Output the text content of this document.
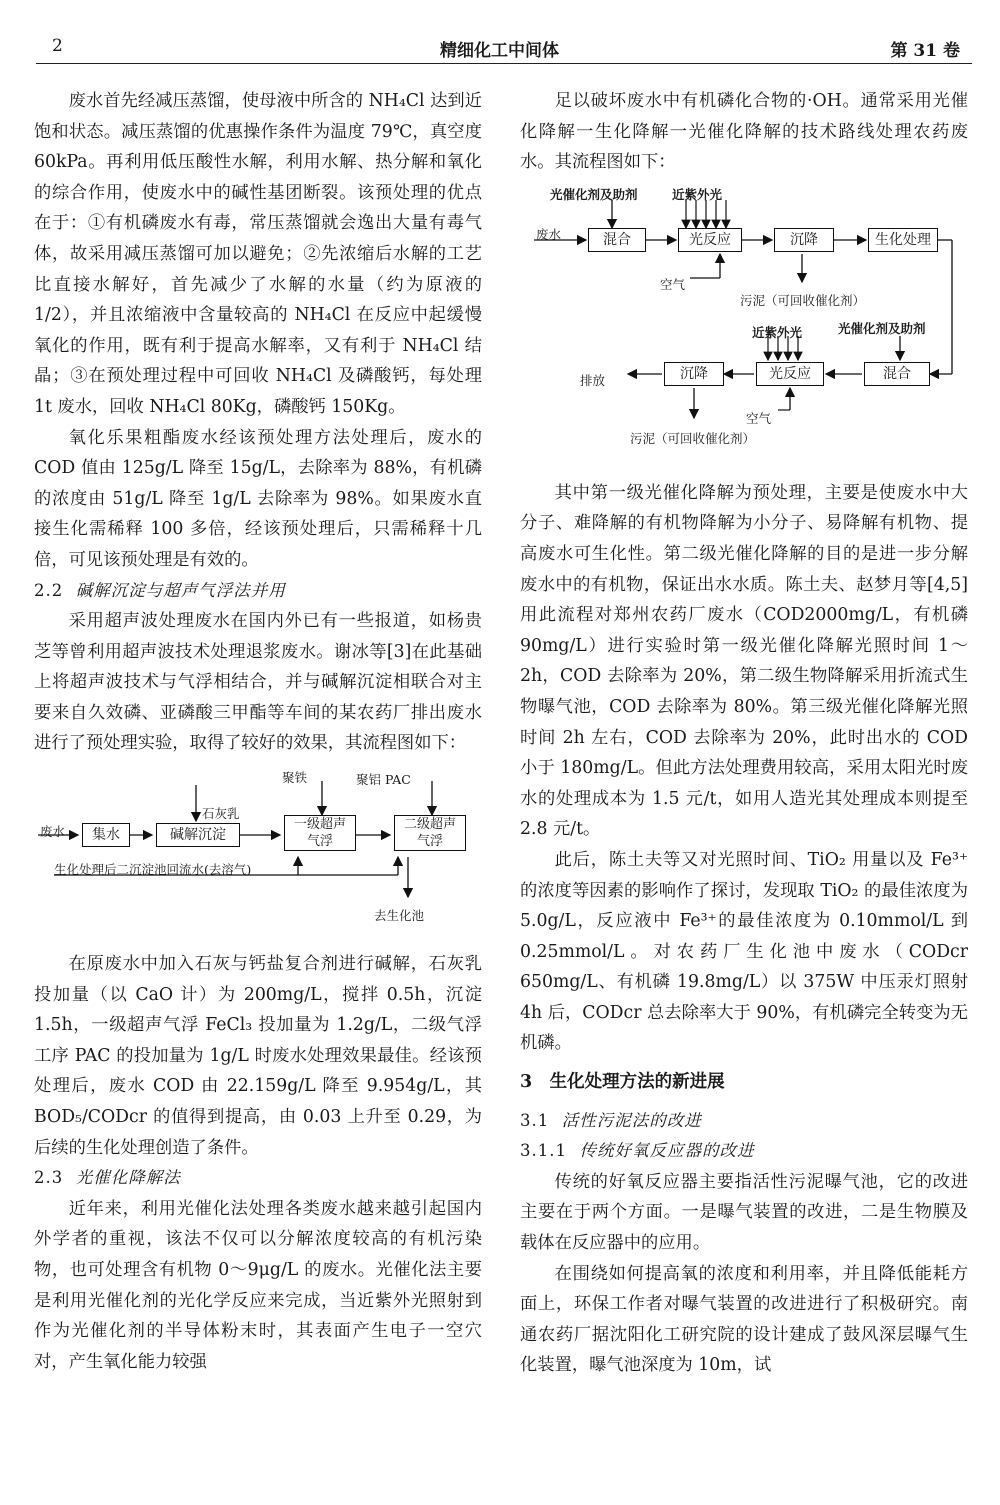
2	精细化工中间体	第 31 卷

废水首先经减压蒸馏，使母液中所含的 NH₄Cl 达到近饱和状态。减压蒸馏的优惠操作条件为温度 79℃，真空度 60kPa。再利用低压酸性水解，利用水解、热分解和氧化的综合作用，使废水中的碱性基团断裂。该预处理的优点在于：①有机磷废水有毒，常压蒸馏就会逸出大量有毒气体，故采用减压蒸馏可加以避免；②先浓缩后水解的工艺比直接水解好，首先减少了水解的水量（约为原液的 1/2），并且浓缩液中含量较高的 NH₄Cl 在反应中起缓慢氧化的作用，既有利于提高水解率，又有利于 NH₄Cl 结晶；③在预处理过程中可回收 NH₄Cl 及磷酸钙，每处理 1t 废水，回收 NH₄Cl 80Kg，磷酸钙 150Kg。

氧化乐果粗酯废水经该预处理方法处理后，废水的 COD 值由 125g/L 降至 15g/L，去除率为 88%，有机磷的浓度由 51g/L 降至 1g/L 去除率为 98%。如果废水直接生化需稀释 100 多倍，经该预处理后，只需稀释十几倍，可见该预处理是有效的。

2.2 碱解沉淀与超声气浮法并用

采用超声波处理废水在国内外已有一些报道，如杨贵芝等曾利用超声波技术处理退浆废水。谢冰等[3]在此基础上将超声波技术与气浮相结合，并与碱解沉淀相联合对主要来自久效磷、亚磷酸三甲酯等车间的某农药厂排出废水进行了预处理实验，取得了较好的效果，其流程图如下：

废水	集水	碱解沉淀
一级超声
气浮
二级超声
气浮
石灰乳
聚铁	聚铝 PAC
生化处理后二沉淀池回流水(去溶气)
去生化池

在原废水中加入石灰与钙盐复合剂进行碱解，石灰乳投加量（以 CaO 计）为 200mg/L，搅拌 0.5h，沉淀 1.5h，一级超声气浮 FeCl₃ 投加量为 1.2g/L，二级气浮工序 PAC 的投加量为 1g/L 时废水处理效果最佳。经该预处理后，废水 COD 由 22.159g/L 降至 9.954g/L，其 BOD₅/CODcr 的值得到提高，由 0.03 上升至 0.29，为后续的生化处理创造了条件。

2.3 光催化降解法

近年来，利用光催化法处理各类废水越来越引起国内外学者的重视，该法不仅可以分解浓度较高的有机污染物，也可处理含有机物 0～9μg/L 的废水。光催化法主要是利用光催化剂的光化学反应来完成，当近紫外光照射到作为光催化剂的半导体粉末时，其表面产生电子一空穴对，产生氧化能力较强

足以破坏废水中有机磷化合物的·OH。通常采用光催化降解一生化降解一光催化降解的技术路线处理农药废水。其流程图如下：

光催化剂及助剂	近紫外光
废水	混合	光反应	沉降	生化处理
空气
污泥（可回收催化剂）
近紫外光	光催化剂及助剂
排放	沉降	光反应	混合
空气
污泥（可回收催化剂）

其中第一级光催化降解为预处理，主要是使废水中大分子、难降解的有机物降解为小分子、易降解有机物、提高废水可生化性。第二级光催化降解的目的是进一步分解废水中的有机物，保证出水水质。陈土夫、赵梦月等[4,5]用此流程对郑州农药厂废水（COD2000mg/L，有机磷 90mg/L）进行实验时第一级光催化降解光照时间 1～2h，COD 去除率为 20%，第二级生物降解采用折流式生物曝气池，COD 去除率为 80%。第三级光催化降解光照时间 2h 左右，COD 去除率为 20%，此时出水的 COD 小于 180mg/L。但此方法处理费用较高，采用太阳光时废水的处理成本为 1.5 元/t，如用人造光其处理成本则提至 2.8 元/t。

此后，陈土夫等又对光照时间、TiO₂ 用量以及 Fe³⁺的浓度等因素的影响作了探讨，发现取 TiO₂ 的最佳浓度为 5.0g/L，反应液中 Fe³⁺的最佳浓度为 0.10mmol/L 到 0.25mmol/L。对农药厂生化池中废水（CODcr 650mg/L、有机磷 19.8mg/L）以 375W 中压汞灯照射 4h 后，CODcr 总去除率大于 90%，有机磷完全转变为无机磷。

3　生化处理方法的新进展
3.1 活性污泥法的改进
3.1.1 传统好氧反应器的改进

传统的好氧反应器主要指活性污泥曝气池，它的改进主要在于两个方面。一是曝气装置的改进，二是生物膜及载体在反应器中的应用。

在围绕如何提高氧的浓度和利用率，并且降低能耗方面上，环保工作者对曝气装置的改进进行了积极研究。南通农药厂据沈阳化工研究院的设计建成了鼓风深层曝气生化装置，曝气池深度为 10m，试
